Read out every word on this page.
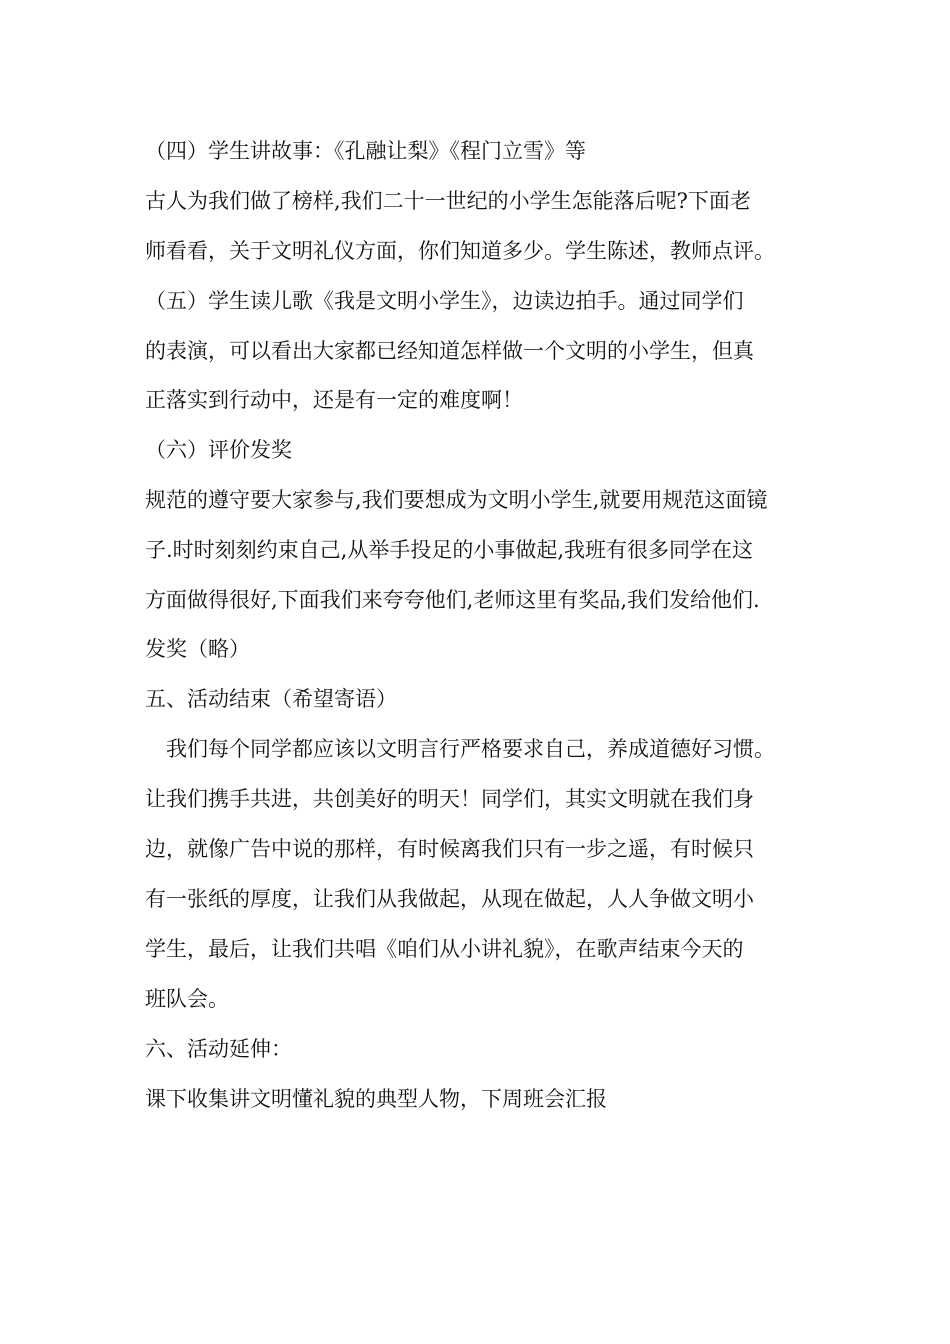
（四）学生讲故事：《孔融让梨》《程门立雪》等
古人为我们做了榜样,我们二十一世纪的小学生怎能落后呢?下面老
师看看，关于文明礼仪方面，你们知道多少。学生陈述，教师点评。
（五）学生读儿歌《我是文明小学生》，边读边拍手。通过同学们
的表演，可以看出大家都已经知道怎样做一个文明的小学生，但真
正落实到行动中，还是有一定的难度啊！
（六）评价发奖
规范的遵守要大家参与,我们要想成为文明小学生,就要用规范这面镜
子.时时刻刻约束自己,从举手投足的小事做起,我班有很多同学在这
方面做得很好,下面我们来夸夸他们,老师这里有奖品,我们发给他们.
发奖（略）
五、活动结束（希望寄语）
　我们每个同学都应该以文明言行严格要求自己，养成道德好习惯。
让我们携手共进，共创美好的明天！同学们，其实文明就在我们身
边，就像广告中说的那样，有时候离我们只有一步之遥，有时候只
有一张纸的厚度，让我们从我做起，从现在做起，人人争做文明小
学生，最后，让我们共唱《咱们从小讲礼貌》，在歌声结束今天的
班队会。
六、活动延伸：
课下收集讲文明懂礼貌的典型人物，下周班会汇报
